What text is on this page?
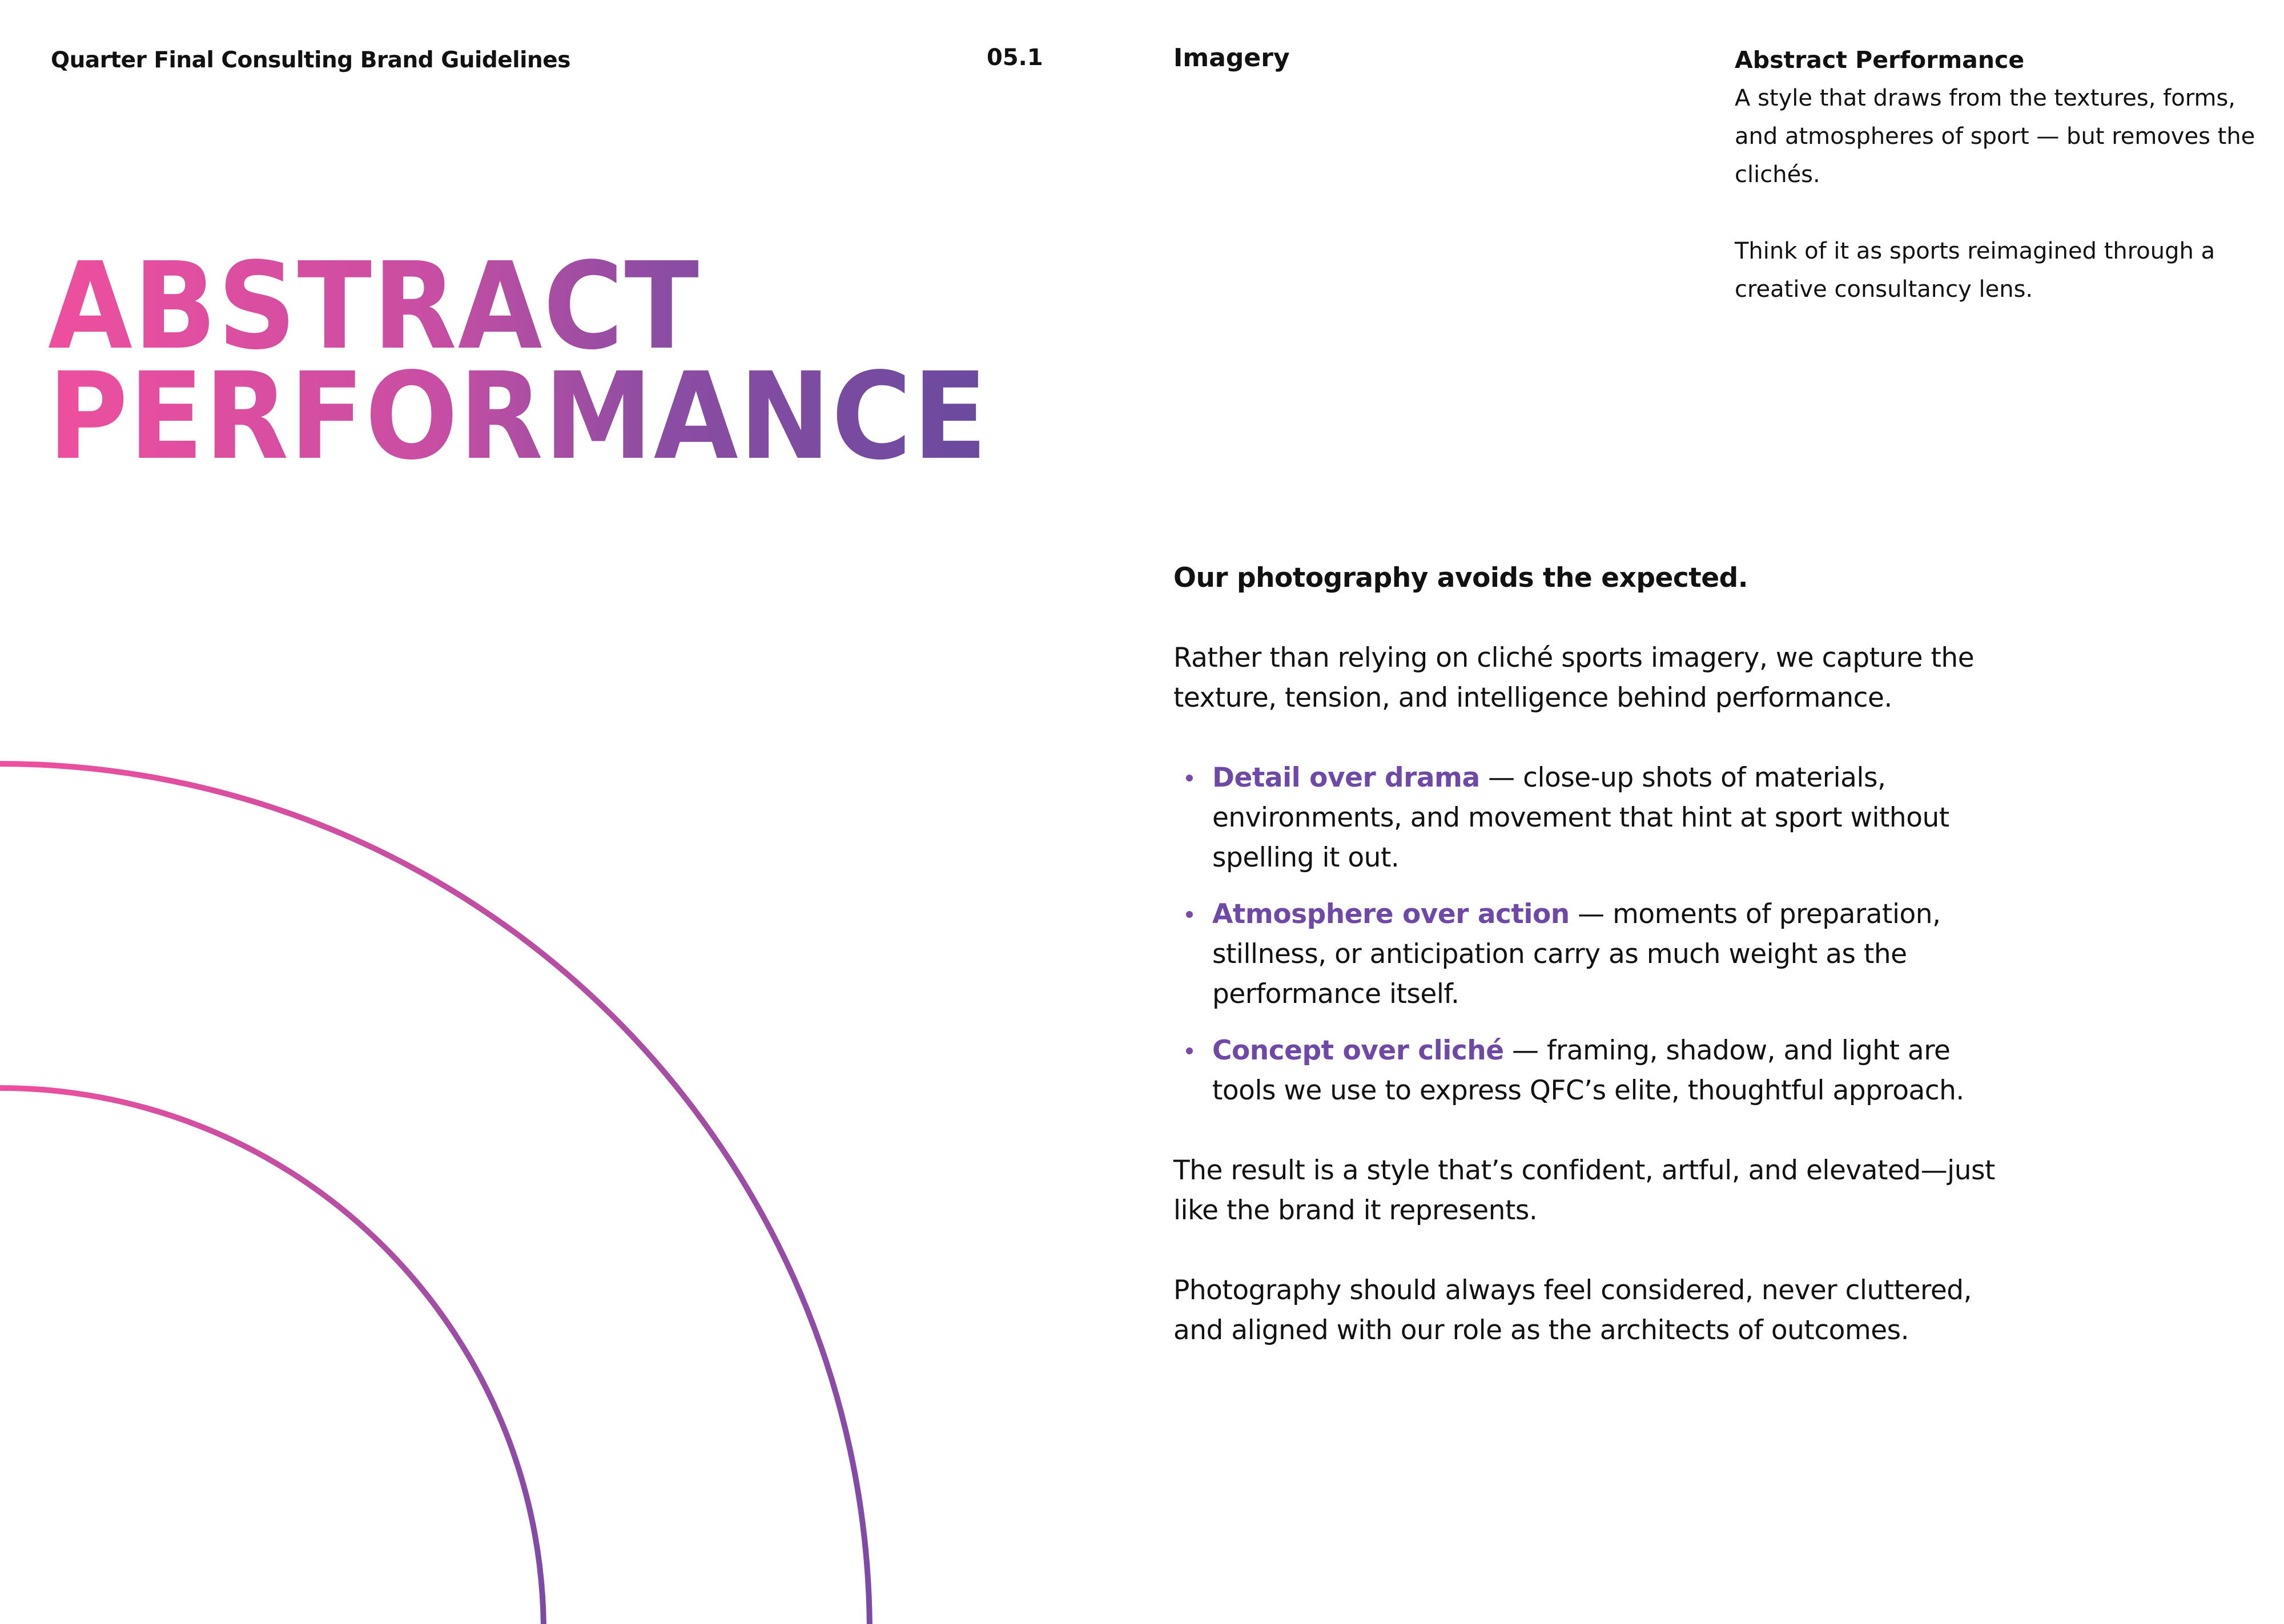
Quarter Final Consulting Brand Guidelines	05.1	Imagery	Abstract Performance

A style that draws from the textures, forms, and atmospheres of sport — but removes the clichés.

Think of it as sports reimagined through a creative consultancy lens.

ABSTRACT
PERFORMANCE

Our photography avoids the expected.

Rather than relying on cliché sports imagery, we capture the texture, tension, and intelligence behind performance.

Detail over drama — close-up shots of materials, environments, and movement that hint at sport without spelling it out.
Atmosphere over action — moments of preparation, stillness, or anticipation carry as much weight as the performance itself.
Concept over cliché — framing, shadow, and light are tools we use to express QFC’s elite, thoughtful approach.

The result is a style that’s confident, artful, and elevated—just like the brand it represents.

Photography should always feel considered, never cluttered, and aligned with our role as the architects of outcomes.
